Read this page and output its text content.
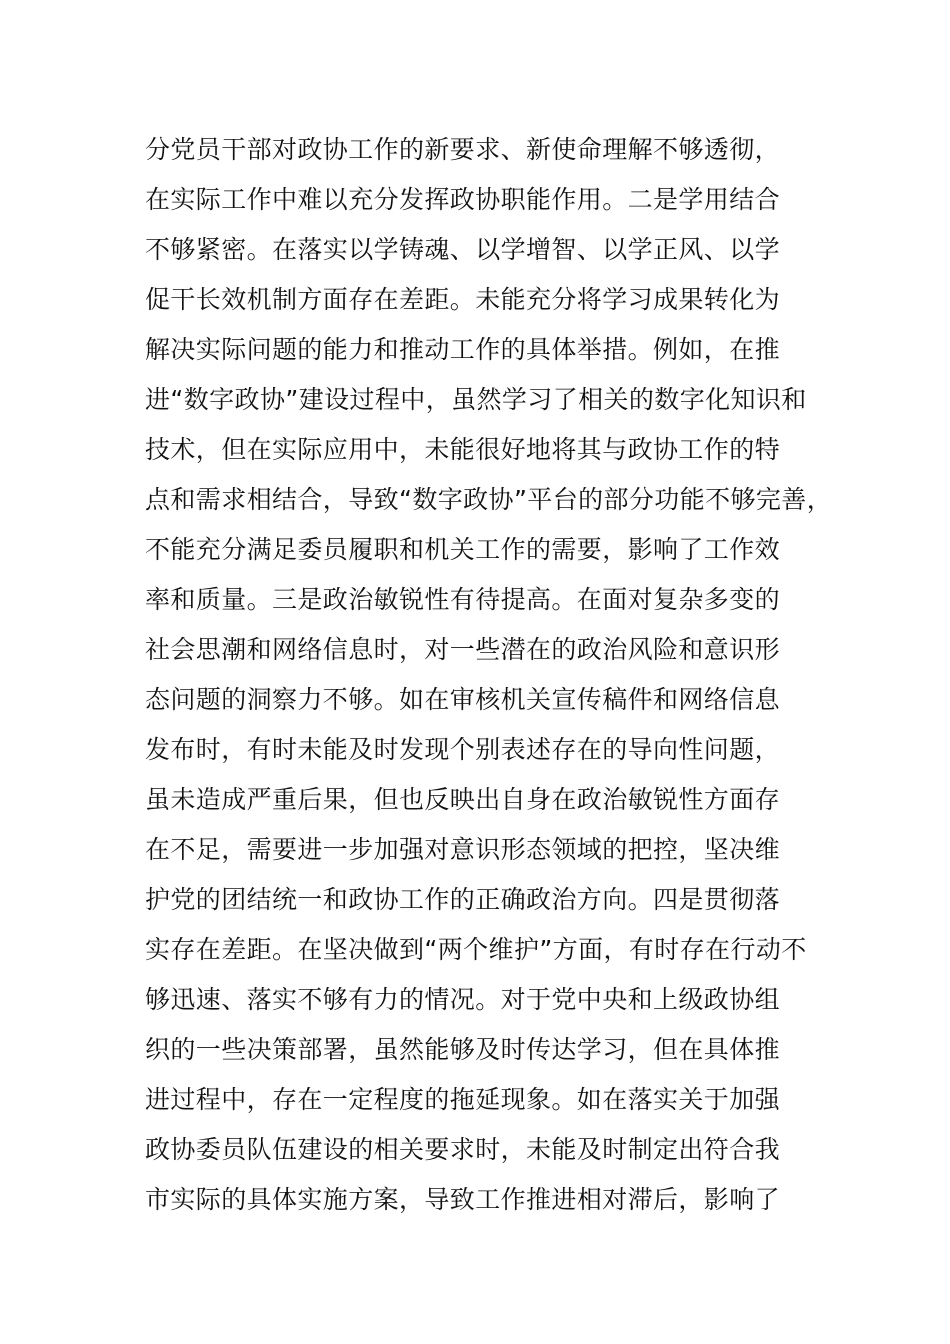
分党员干部对政协工作的新要求、新使命理解不够透彻，
在实际工作中难以充分发挥政协职能作用。二是学用结合
不够紧密。在落实以学铸魂、以学增智、以学正风、以学
促干长效机制方面存在差距。未能充分将学习成果转化为
解决实际问题的能力和推动工作的具体举措。例如，在推
进“数字政协”建设过程中，虽然学习了相关的数字化知识和
技术，但在实际应用中，未能很好地将其与政协工作的特
点和需求相结合，导致“数字政协”平台的部分功能不够完善，
不能充分满足委员履职和机关工作的需要，影响了工作效
率和质量。三是政治敏锐性有待提高。在面对复杂多变的
社会思潮和网络信息时，对一些潜在的政治风险和意识形
态问题的洞察力不够。如在审核机关宣传稿件和网络信息
发布时，有时未能及时发现个别表述存在的导向性问题，
虽未造成严重后果，但也反映出自身在政治敏锐性方面存
在不足，需要进一步加强对意识形态领域的把控，坚决维
护党的团结统一和政协工作的正确政治方向。四是贯彻落
实存在差距。在坚决做到“两个维护”方面，有时存在行动不
够迅速、落实不够有力的情况。对于党中央和上级政协组
织的一些决策部署，虽然能够及时传达学习，但在具体推
进过程中，存在一定程度的拖延现象。如在落实关于加强
政协委员队伍建设的相关要求时，未能及时制定出符合我
市实际的具体实施方案，导致工作推进相对滞后，影响了
